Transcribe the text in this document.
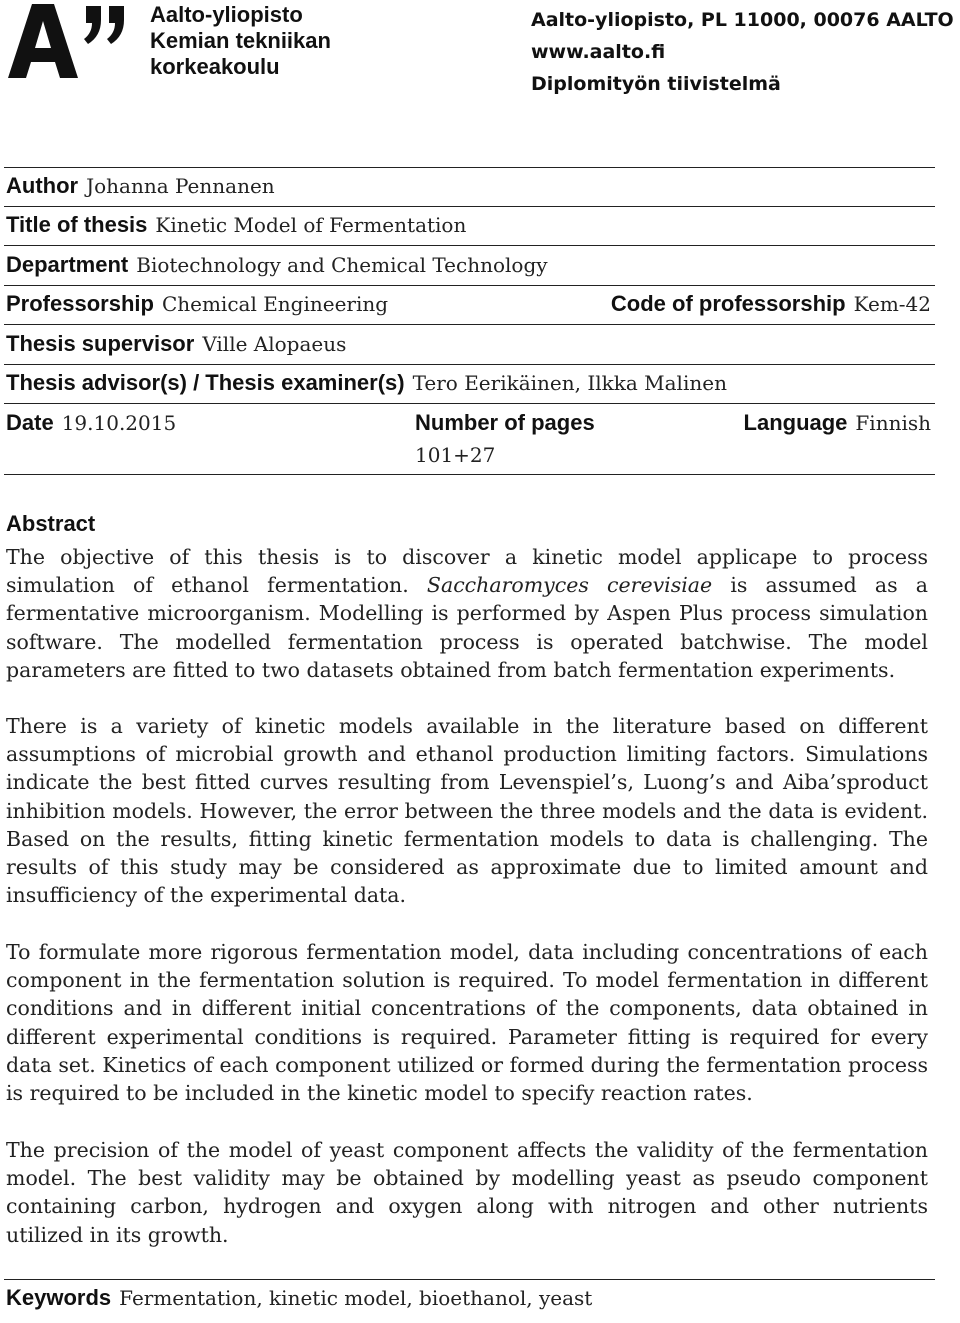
Aalto-yliopisto
Kemian tekniikan
korkeakoulu
Aalto-yliopisto, PL 11000, 00076 AALTO
www.aalto.fi
Diplomityön tiivistelmä
Author Johanna Pennanen
Title of thesis Kinetic Model of Fermentation
Department Biotechnology and Chemical Technology
Professorship Chemical Engineering	Code of professorship Kem-42
Thesis supervisor Ville Alopaeus
Thesis advisor(s) / Thesis examiner(s) Tero Eerikäinen, Ilkka Malinen
Date 19.10.2015	Number of pages
101+27
Language Finnish
Abstract
The objective of this thesis is to discover a kinetic model applicape to process simulation of ethanol fermentation. Saccharomyces cerevisiae is assumed as a fermentative microorganism. Modelling is performed by Aspen Plus process simulation software. The modelled fermentation process is operated batchwise. The model parameters are fitted to two datasets obtained from batch fermentation experiments.
There is a variety of kinetic models available in the literature based on different assumptions of microbial growth and ethanol production limiting factors. Simulations indicate the best fitted curves resulting from Levenspiel’s, Luong’s and Aiba’sproduct inhibition models. However, the error between the three models and the data is evident. Based on the results, fitting kinetic fermentation models to data is challenging. The results of this study may be considered as approximate due to limited amount and insufficiency of the experimental data.
To formulate more rigorous fermentation model, data including concentrations of each component in the fermentation solution is required. To model fermentation in different conditions and in different initial concentrations of the components, data obtained in different experimental conditions is required. Parameter fitting is required for every data set. Kinetics of each component utilized or formed during the fermentation process is required to be included in the kinetic model to specify reaction rates.
The precision of the model of yeast component affects the validity of the fermentation model. The best validity may be obtained by modelling yeast as pseudo component containing carbon, hydrogen and oxygen along with nitrogen and other nutrients utilized in its growth.
Keywords Fermentation, kinetic model, bioethanol, yeast
